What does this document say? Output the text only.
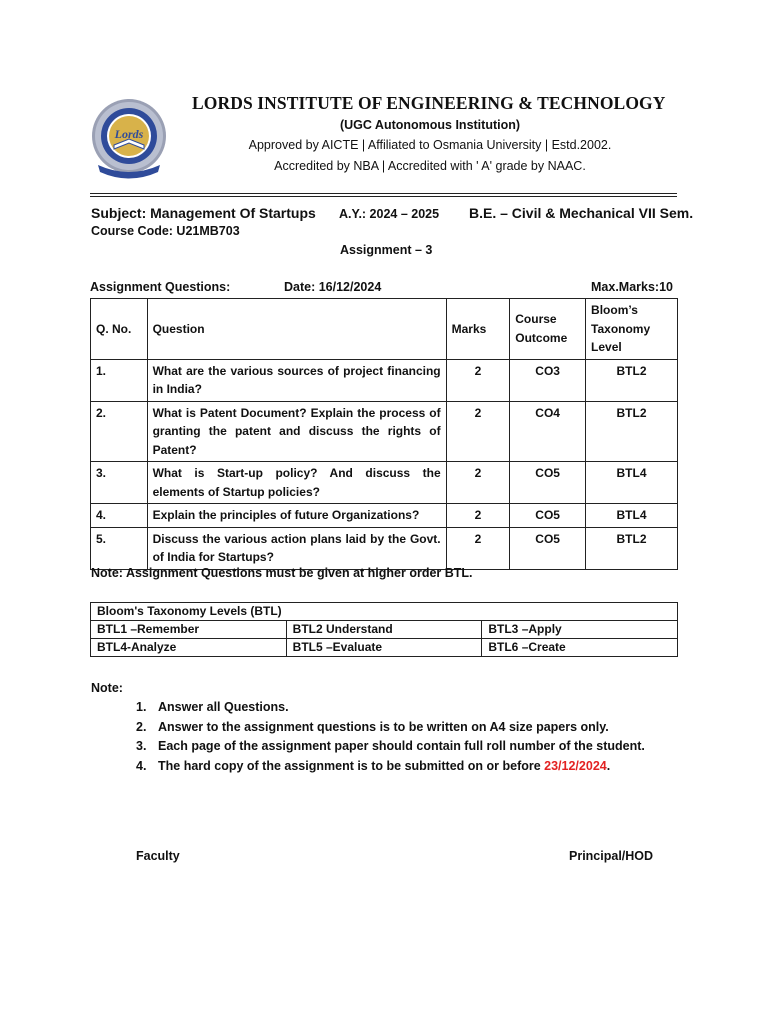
Lords
LORDS INSTITUTE OF ENGINEERING & TECHNOLOGY
(UGC Autonomous Institution)
Approved by AICTE | Affiliated to Osmania University | Estd.2002.
Accredited by NBA | Accredited with ' A' grade by NAAC.
Subject: Management Of Startups A.Y.: 2024 – 2025 B.E. – Civil & Mechanical VII Sem.
Course Code: U21MB703
Assignment – 3
Assignment Questions:	Date: 16/12/2024	Max.Marks:10
Q. No.	Question	Marks	Course Outcome	Bloom’s Taxonomy Level
1.	What are the various sources of project financing in India?	2	CO3	BTL2
2.	What is Patent Document? Explain the process of granting the patent and discuss the rights of Patent?	2	CO4	BTL2
3.	What is Start-up policy? And discuss the elements of Startup policies?	2	CO5	BTL4
4.	Explain the principles of future Organizations?	2	CO5	BTL4
5.	Discuss the various action plans laid by the Govt. of India for Startups?	2	CO5	BTL2
Note: Assignment Questions must be given at higher order BTL.
Bloom's Taxonomy Levels (BTL)		
BTL1 –Remember	BTL2 Understand	BTL3 –Apply
BTL4-Analyze	BTL5 –Evaluate	BTL6 –Create
Note:
1. Answer all Questions.
2. Answer to the assignment questions is to be written on A4 size papers only.
3. Each page of the assignment paper should contain full roll number of the student.
4. The hard copy of the assignment is to be submitted on or before 23/12/2024.
Faculty	Principal/HOD
